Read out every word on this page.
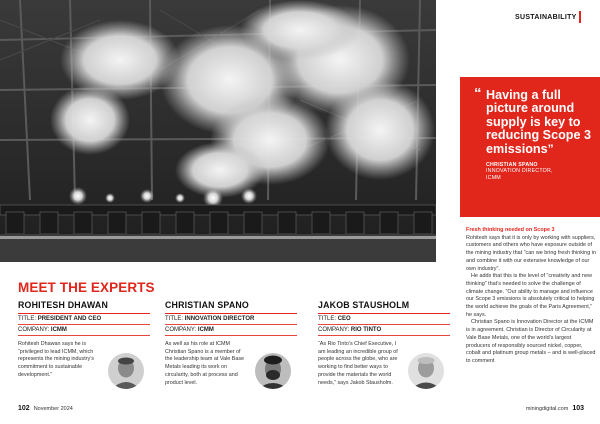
SUSTAINABILITY
“ Having a full picture around supply is key to reducing Scope 3 emissions”
CHRISTIAN SPANO
INNOVATION DIRECTOR,
ICMM
Fresh thinking needed on Scope 3

Rohitesh says that it is only by working with suppliers, customers and others who have exposure outside of the mining industry that “can we bring fresh thinking in and combine it with our extensive knowledge of our own industry”.

He adds that this is the level of “creativity and new thinking” that’s needed to solve the challenge of climate change. “Our ability to manage and influence our Scope 3 emissions is absolutely critical to helping the world achieve the goals of the Paris Agreement,” he says.

Christian Spano is Innovation Director at the ICMM is in agreement. Christian is Director of Circularity at Vale Base Metals, one of the world’s largest producers of responsibly sourced nickel, copper, cobalt and platinum group metals – and is well-placed to comment

MEET THE EXPERTS
ROHITESH DHAWAN
TITLE: PRESIDENT AND CEO
COMPANY: ICMM
Rohitesh Dhawan says he is “privileged to lead ICMM, which represents the mining industry’s commitment to sustainable development.”
CHRISTIAN SPANO
TITLE: INNOVATION DIRECTOR
COMPANY: ICMM
As well as his role at ICMM Christian Spano is a member of the leadership team at Vale Base Metals leading its work on circularity, both at process and product level.
JAKOB STAUSHOLM
TITLE: CEO
COMPANY: RIO TINTO
“As Rio Tinto’s Chief Executive, I am leading an incredible group of people across the globe, who are working to find better ways to provide the materials the world needs,” says Jakob Stausholm.
102 November 2024	miningdigital.com 103
